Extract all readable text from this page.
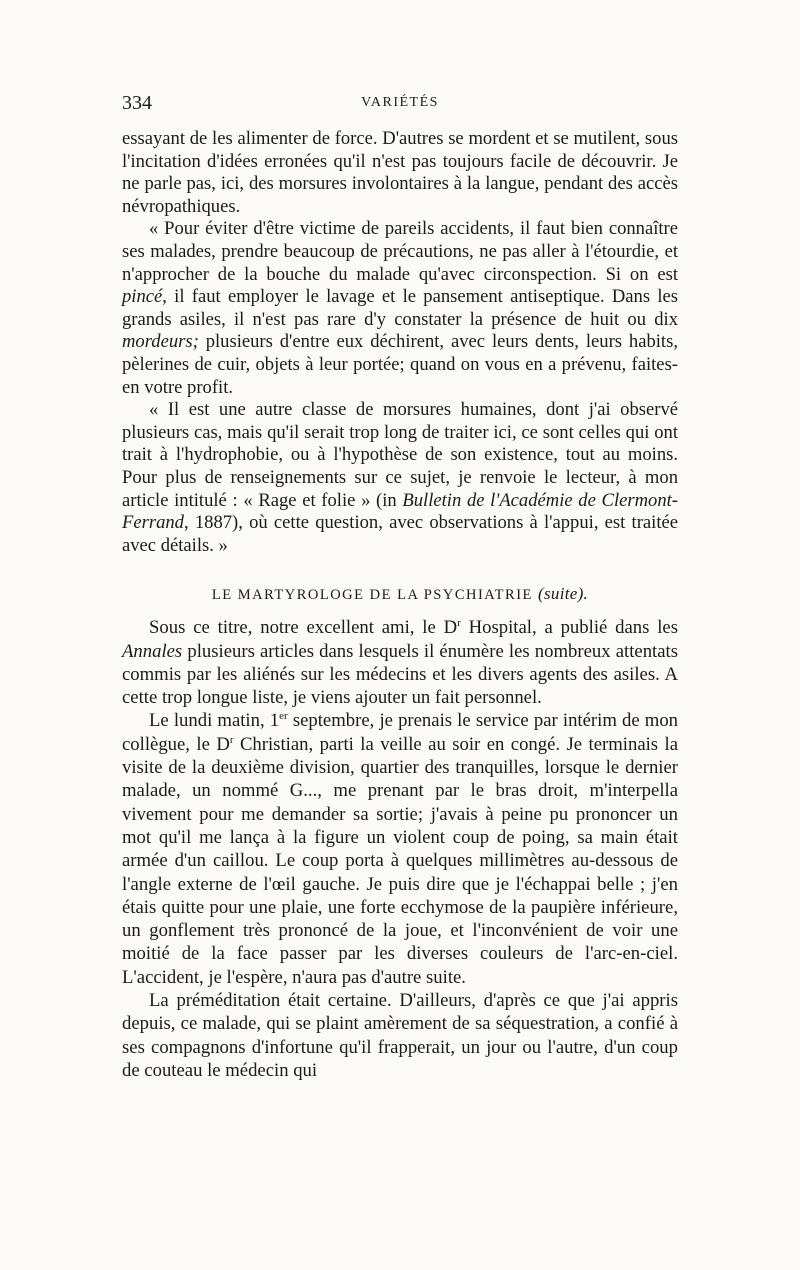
334	VARIÉTÉS

essayant de les alimenter de force. D'autres se mordent et se mutilent, sous l'incitation d'idées erronées qu'il n'est pas toujours facile de découvrir. Je ne parle pas, ici, des morsures involontaires à la langue, pendant des accès névropathiques.

« Pour éviter d'être victime de pareils accidents, il faut bien connaître ses malades, prendre beaucoup de précautions, ne pas aller à l'étourdie, et n'approcher de la bouche du malade qu'avec circonspection. Si on est pincé, il faut employer le lavage et le pansement antiseptique. Dans les grands asiles, il n'est pas rare d'y constater la présence de huit ou dix mordeurs; plusieurs d'entre eux déchirent, avec leurs dents, leurs habits, pèlerines de cuir, objets à leur portée; quand on vous en a prévenu, faites-en votre profit.

« Il est une autre classe de morsures humaines, dont j'ai observé plusieurs cas, mais qu'il serait trop long de traiter ici, ce sont celles qui ont trait à l'hydrophobie, ou à l'hypothèse de son existence, tout au moins. Pour plus de renseignements sur ce sujet, je renvoie le lecteur, à mon article intitulé : « Rage et folie » (in Bulletin de l'Académie de Clermont-Ferrand, 1887), où cette question, avec observations à l'appui, est traitée avec détails. »

LE MARTYROLOGE DE LA PSYCHIATRIE (suite).

Sous ce titre, notre excellent ami, le $D^r$ Hospital, a publié dans les Annales plusieurs articles dans lesquels il énumère les nombreux attentats commis par les aliénés sur les médecins et les divers agents des asiles. A cette trop longue liste, je viens ajouter un fait personnel.

Le lundi matin, 1er septembre, je prenais le service par intérim de mon collègue, le $D^r$ Christian, parti la veille au soir en congé. Je terminais la visite de la deuxième division, quartier des tranquilles, lorsque le dernier malade, un nommé G..., me prenant par le bras droit, m'interpella vivement pour me demander sa sortie; j'avais à peine pu prononcer un mot qu'il me lança à la figure un violent coup de poing, sa main était armée d'un caillou. Le coup porta à quelques millimètres au-dessous de l'angle externe de l'œil gauche. Je puis dire que je l'échappai belle ; j'en étais quitte pour une plaie, une forte ecchymose de la paupière inférieure, un gonflement très prononcé de la joue, et l'inconvénient de voir une moitié de la face passer par les diverses couleurs de l'arc-en-ciel. L'accident, je l'espère, n'aura pas d'autre suite.

La préméditation était certaine. D'ailleurs, d'après ce que j'ai appris depuis, ce malade, qui se plaint amèrement de sa séquestration, a confié à ses compagnons d'infortune qu'il frapperait, un jour ou l'autre, d'un coup de couteau le médecin qui
